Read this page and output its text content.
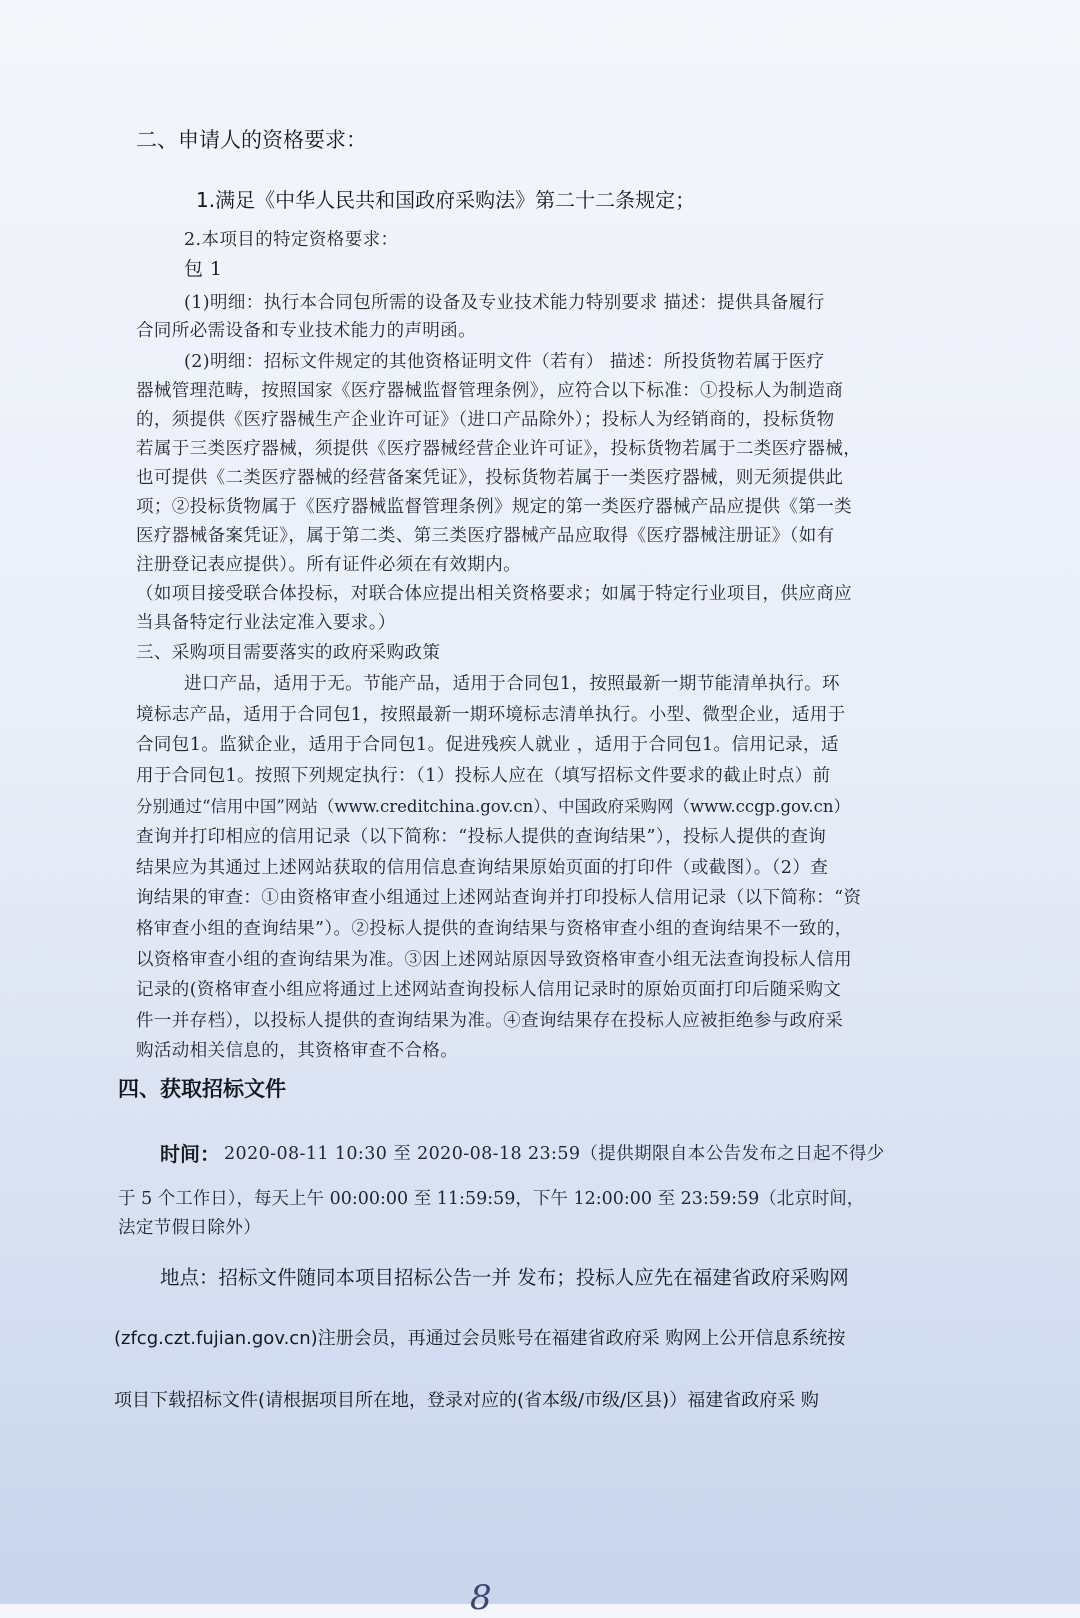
二、申请人的资格要求：
1.满足《中华人民共和国政府采购法》第二十二条规定；
2.本项目的特定资格要求：
包 1
(1)明细：执行本合同包所需的设备及专业技术能力特别要求 描述：提供具备履行
合同所必需设备和专业技术能力的声明函。
(2)明细：招标文件规定的其他资格证明文件（若有） 描述：所投货物若属于医疗
器械管理范畴，按照国家《医疗器械监督管理条例》，应符合以下标准：①投标人为制造商
的，须提供《医疗器械生产企业许可证》（进口产品除外）；投标人为经销商的，投标货物
若属于三类医疗器械，须提供《医疗器械经营企业许可证》，投标货物若属于二类医疗器械，
也可提供《二类医疗器械的经营备案凭证》，投标货物若属于一类医疗器械，则无须提供此
项；②投标货物属于《医疗器械监督管理条例》规定的第一类医疗器械产品应提供《第一类
医疗器械备案凭证》，属于第二类、第三类医疗器械产品应取得《医疗器械注册证》（如有
注册登记表应提供）。所有证件必须在有效期内。
（如项目接受联合体投标，对联合体应提出相关资格要求；如属于特定行业项目，供应商应
当具备特定行业法定准入要求。）
三、采购项目需要落实的政府采购政策
进口产品，适用于无。节能产品，适用于合同包1，按照最新一期节能清单执行。环
境标志产品，适用于合同包1，按照最新一期环境标志清单执行。小型、微型企业，适用于
合同包1。监狱企业，适用于合同包1。促进残疾人就业 ，适用于合同包1。信用记录，适
用于合同包1。按照下列规定执行：（1）投标人应在（填写招标文件要求的截止时点）前
分别通过“信用中国”网站（www.creditchina.gov.cn）、中国政府采购网（www.ccgp.gov.cn）
查询并打印相应的信用记录（以下简称：“投标人提供的查询结果”），投标人提供的查询
结果应为其通过上述网站获取的信用信息查询结果原始页面的打印件（或截图）。（2）查
询结果的审查：①由资格审查小组通过上述网站查询并打印投标人信用记录（以下简称：“资
格审查小组的查询结果”）。②投标人提供的查询结果与资格审查小组的查询结果不一致的，
以资格审查小组的查询结果为准。③因上述网站原因导致资格审查小组无法查询投标人信用
记录的(资格审查小组应将通过上述网站查询投标人信用记录时的原始页面打印后随采购文
件一并存档），以投标人提供的查询结果为准。④查询结果存在投标人应被拒绝参与政府采
购活动相关信息的，其资格审查不合格。
四、获取招标文件
时间： 2020-08-11 10:30 至 2020-08-18 23:59（提供期限自本公告发布之日起不得少
于 5 个工作日），每天上午 00:00:00 至 11:59:59，下午 12:00:00 至 23:59:59（北京时间，
法定节假日除外）
地点：招标文件随同本项目招标公告一并 发布；投标人应先在福建省政府采购网
(zfcg.czt.fujian.gov.cn)注册会员，再通过会员账号在福建省政府采 购网上公开信息系统按
项目下载招标文件(请根据项目所在地，登录对应的(省本级/市级/区县)）福建省政府采 购
8
